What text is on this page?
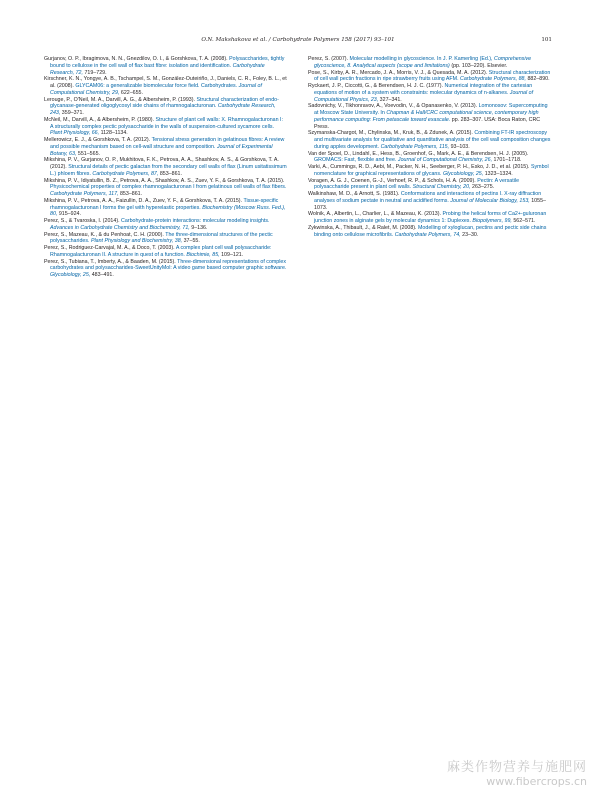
O.N. Makshakova et al. / Carbohydrate Polymers 158 (2017) 93–101	101

Gurjanov, O. P., Ibragimova, N. N., Gnezdilov, O. I., & Gorshkova, T. A. (2008). Polysaccharides, tightly bound to cellulose in the cell wall of flax bast fibre: isolation and identification. Carbohydrate Research, 72, 719–729.

Kirschner, K. N., Yongye, A. B., Tschampel, S. M., González-Outeiriño, J., Daniels, C. R., Foley, B. L., et al. (2008). GLYCAM06: a generalizable biomolecular force field. Carbohydrates. Journal of Computational Chemistry, 29, 622–655.

Lerouge, P., O'Neil, M. A., Darvill, A. G., & Albersheim, P. (1993). Structural characterization of endo-glycanase-generated oligoglycosyl side chains of rhamnogalacturonan. Carbohydrate Research, 243, 359–371.

McNeil, M., Darvill, A., & Albersheim, P. (1980). Structure of plant cell walls: X. Rhamnogalacturonan I: A structurally complex pectic polysaccharide in the walls of suspension-cultured sycamore cells. Plant Physiology, 66, 1128–1134.

Mellerowicz, E. J., & Gorshkova, T. A. (2012). Tensional stress generation in gelatinous fibres: A review and possible mechanism based on cell-wall structure and composition. Journal of Experimental Botany, 63, 551–565.

Mikshina, P. V., Gurjanov, O. P., Mukhitova, F. K., Petrova, A. A., Shashkov, A. S., & Gorshkova, T. A. (2012). Structural details of pectic galactan from the secondary cell walls of flax (Linum usitatissimum L.) phloem fibres. Carbohydrate Polymers, 87, 853–861.

Mikshina, P. V., Idiyatullin, B. Z., Petrova, A. A., Shashkov, A. S., Zuev, Y. F., & Gorshkova, T. A. (2015). Physicochemical properties of complex rhamnogalacturonan I from gelatinous cell walls of flax fibers. Carbohydrate Polymers, 117, 853–861.

Mikshina, P. V., Petrova, A. A., Faizullin, D. A., Zuev, Y. F., & Gorshkova, T. A. (2015). Tissue-specific rhamnogalacturonan I forms the gel with hyperelastic properties. Biochemistry (Moscow Russ. Fed.), 80, 915–924.

Perez, S., & Tvaroska, I. (2014). Carbohydrate-protein interactions: molecular modeling insights. Advances in Carbohydrate Chemistry and Biochemistry, 71, 9–136.

Perez, S., Mazeau, K., & du Penhoat, C. H. (2000). The three-dimensional structures of the pectic polysaccharides. Plant Physiology and Biochemistry, 38, 37–55.

Perez, S., Rodriguez-Carvajal, M. A., & Doco, T. (2003). A complex plant cell wall polysaccharide: Rhamnogalacturonan II. A structure in quest of a function. Biochimie, 85, 109–121.

Perez, S., Tubiana, T., Imberty, A., & Baaden, M. (2015). Three-dimensional representations of complex carbohydrates and polysaccharides-SweetUnityMol: A video game based computer graphic software. Glycobiology, 25, 483–491.

Perez, S. (2007). Molecular modelling in glycoscience. In J. P. Kamerling (Ed.), Comprehensive glycoscience, 8. Analytical aspects (scope and limitations) (pp. 103–220). Elsevier.

Pose, S., Kirby, A. R., Mercado, J. A., Morris, V. J., & Quesada, M. A. (2012). Structural characterization of cell wall pectin fractions in ripe strawberry fruits using AFM. Carbohydrate Polymers, 88, 882–890.

Ryckaert, J. P., Ciccotti, G., & Berendsen, H. J. C. (1977). Numerical integration of the cartesian equations of motion of a system with constraints: molecular dynamics of n-alkanes. Journal of Computational Physics, 23, 327–341.

Sadovnichy, V., Tikhonravov, A., Voevodin, V., & Opanasenko, V. (2013). Lomonosov: Supercomputing at Moscow State University. In Chapman & Hall/CRC computational science, contemporary high performance computing: From petascale toward exascale. pp. 283–307. USA: Boca Raton, CRC Press.

Szymanska-Chargot, M., Chylinska, M., Kruk, B., & Zdunek, A. (2015). Combining FT-IR spectroscopy and multivariate analysis for qualitative and quantitative analysis of the cell wall composition changes during apples development. Carbohydrate Polymers, 115, 93–103.

Van der Spoel, D., Lindahl, E., Hess, B., Groenhof, G., Mark, A. E., & Berendsen, H. J. (2005). GROMACS: Fast, flexible and free. Journal of Computational Chemistry, 26, 1701–1718.

Varki, A., Cummings, R. D., Aebi, M., Packer, N. H., Seeberger, P. H., Esko, J. D., et al. (2015). Symbol nomenclature for graphical representations of glycans. Glycobiology, 25, 1323–1324.

Voragen, A. G. J., Coenen, G.-J., Verhoef, R. P., & Schols, H. A. (2009). Pectin: A versatile polysaccharide present in plant cell walls. Structural Chemistry, 20, 263–275.

Walkinshaw, M. D., & Arnott, S. (1981). Conformations and interactions of pectins I. X-ray diffraction analyses of sodium pectate in neutral and acidified forms. Journal of Molecular Biology, 153, 1055–1073.

Wolnik, A., Albertin, L., Charlier, L., & Mazeau, K. (2013). Probing the helical forms of Ca2+-guluronan junction zones in alginate gels by molecular dynamics 1: Duplexes. Biopolymers, 99, 562–571.

Zykwinska, A., Thibault, J., & Ralet, M. (2008). Modelling of xyloglucan, pectins and pectic side chains binding onto cellulose microfibrils. Carbohydrate Polymers, 74, 23–30.

麻类作物营养与施肥网
www.fibercrops.cn
